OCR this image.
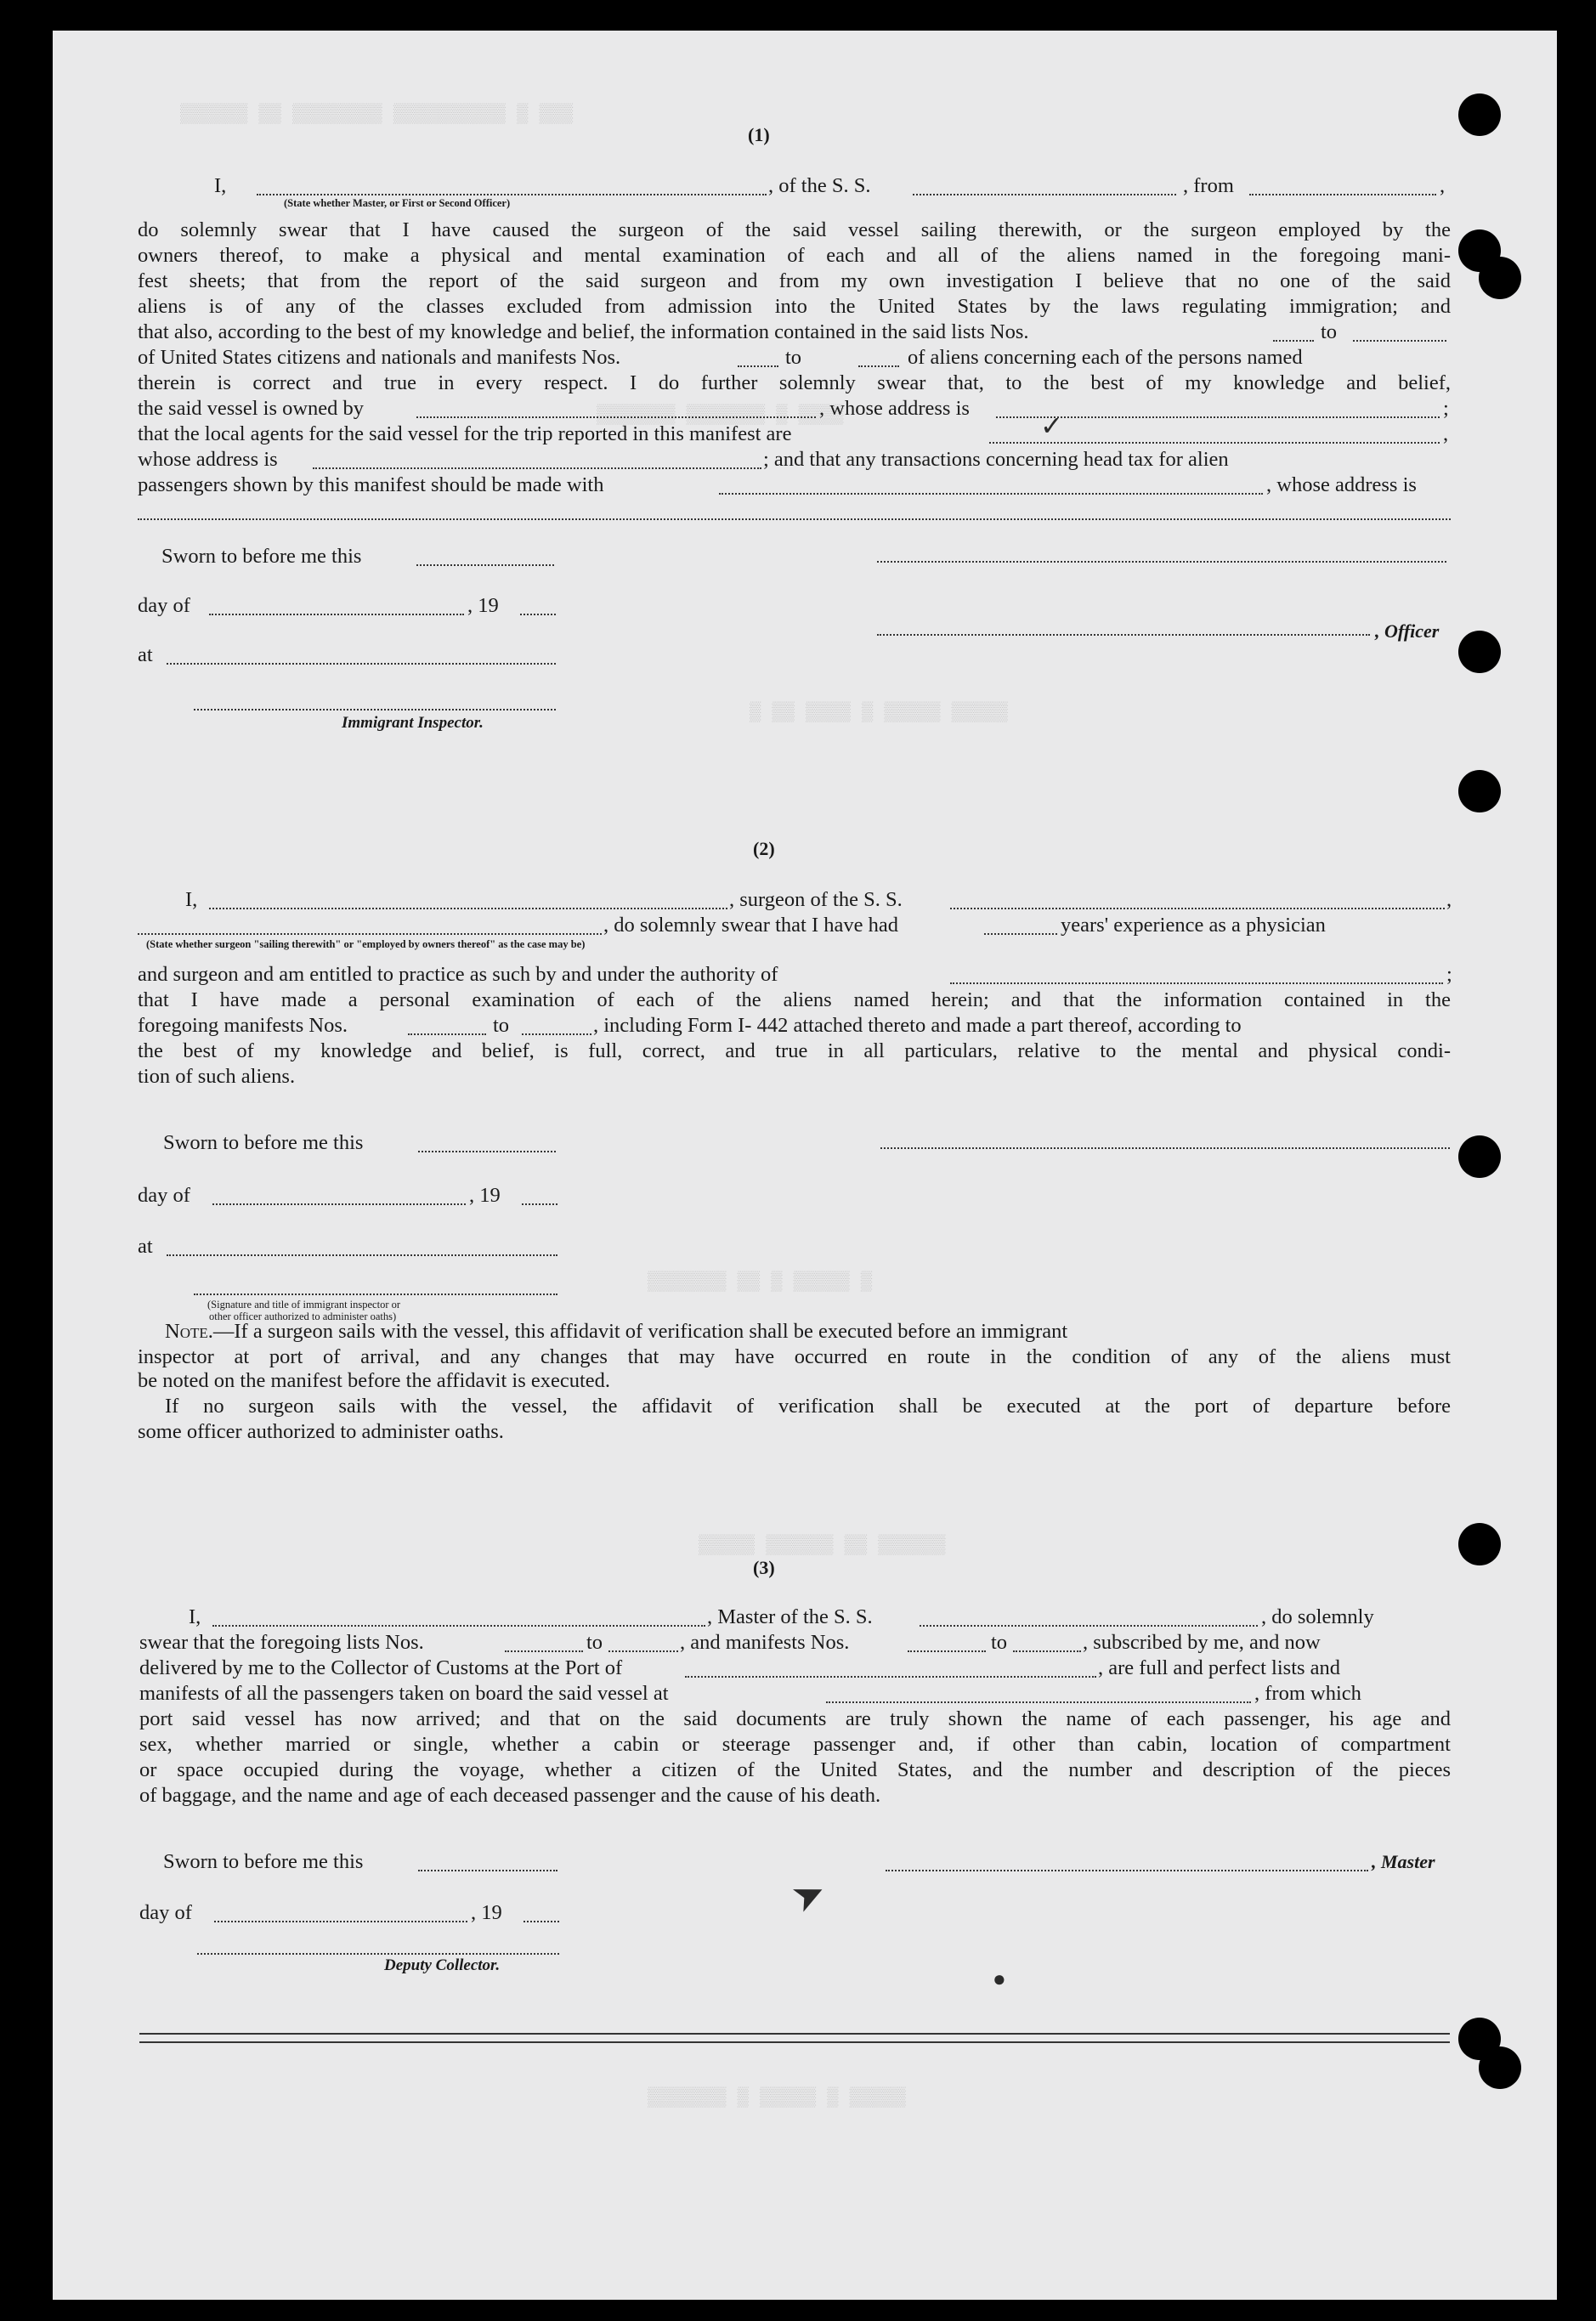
▒▒▒▒▒▒ ▒▒ ▒▒▒▒▒▒▒▒ ▒▒▒▒▒▒▒▒▒▒ ▒ ▒▒▒
▒▒▒▒▒▒▒ ▒▒▒▒▒▒▒ ▒ ▒▒▒▒
▒ ▒▒ ▒▒▒▒ ▒ ▒▒▒▒▒ ▒▒▒▒▒
▒▒▒▒▒▒▒ ▒▒ ▒ ▒▒▒▒▒ ▒
▒▒▒▒▒ ▒▒▒▒▒▒ ▒▒ ▒▒▒▒▒▒
▒▒▒▒▒▒▒ ▒ ▒▒▒▒▒ ▒ ▒▒▒▒▒
(1)
I,
(State whether Master, or First or Second Officer)
, of the S. S.	, from	,
do solemnly swear that I have caused the surgeon of the said vessel sailing therewith, or the surgeon employed by the
owners thereof, to make a physical and mental examination of each and all of the aliens named in the foregoing mani-
fest sheets; that from the report of the said surgeon and from my own investigation I believe that no one of the said
aliens is of any of the classes excluded from admission into the United States by the laws regulating immigration; and
that also, according to the best of my knowledge and belief, the information contained in the said lists Nos.	to
of United States citizens and nationals and manifests Nos.	to	of aliens concerning each of the persons named
therein is correct and true in every respect. I do further solemnly swear that, to the best of my knowledge and belief,
the said vessel is owned by	, whose address is	;
that the local agents for the said vessel for the trip reported in this manifest are	,
whose address is	; and that any transactions concerning head tax for alien
passengers shown by this manifest should be made with	, whose address is
Sworn to before me this
day of	, 19
at
, Officer
Immigrant Inspector.
(2)
I,	, surgeon of the S. S.	,
, do solemnly swear that I have had	years' experience as a physician
(State whether surgeon "sailing therewith" or "employed by owners thereof" as the case may be)
and surgeon and am entitled to practice as such by and under the authority of	;
that I have made a personal examination of each of the aliens named herein; and that the information contained in the
foregoing manifests Nos.	to	, including Form I- 442 attached thereto and made a part thereof, according to
the best of my knowledge and belief, is full, correct, and true in all particulars, relative to the mental and physical condi-
tion of such aliens.
Sworn to before me this
day of	, 19
at
(Signature and title of immigrant inspector or
other officer authorized to administer oaths)
Note.—If a surgeon sails with the vessel, this affidavit of verification shall be executed before an immigrant
inspector at port of arrival, and any changes that may have occurred en route in the condition of any of the aliens must
be noted on the manifest before the affidavit is executed.
If no surgeon sails with the vessel, the affidavit of verification shall be executed at the port of departure before
some officer authorized to administer oaths.
(3)
I,	, Master of the S. S.	, do solemnly
swear that the foregoing lists Nos.	to	, and manifests Nos.	to	, subscribed by me, and now
delivered by me to the Collector of Customs at the Port of	, are full and perfect lists and
manifests of all the passengers taken on board the said vessel at	, from which
port said vessel has now arrived; and that on the said documents are truly shown the name of each passenger, his age and
sex, whether married or single, whether a cabin or steerage passenger and, if other than cabin, location of compartment
or space occupied during the voyage, whether a citizen of the United States, and the number and description of the pieces
of baggage, and the name and age of each deceased passenger and the cause of his death.
Sworn to before me this	, Master
day of	, 19
Deputy Collector.
✓
➤
●
